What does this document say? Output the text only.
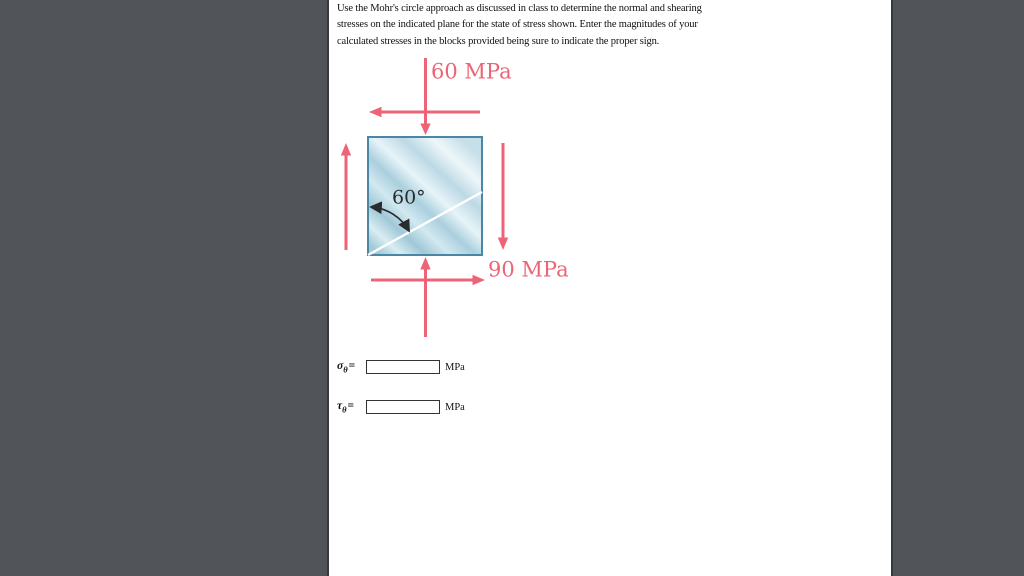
Use the Mohr's circle approach as discussed in class to determine the normal and shearing
stresses on the indicated plane for the state of stress shown. Enter the magnitudes of your
calculated stresses in the blocks provided being sure to indicate the proper sign.
60 MPa
90 MPa
60°
$\sigma_\theta=$	MPa
$\tau_\theta=$	MPa
